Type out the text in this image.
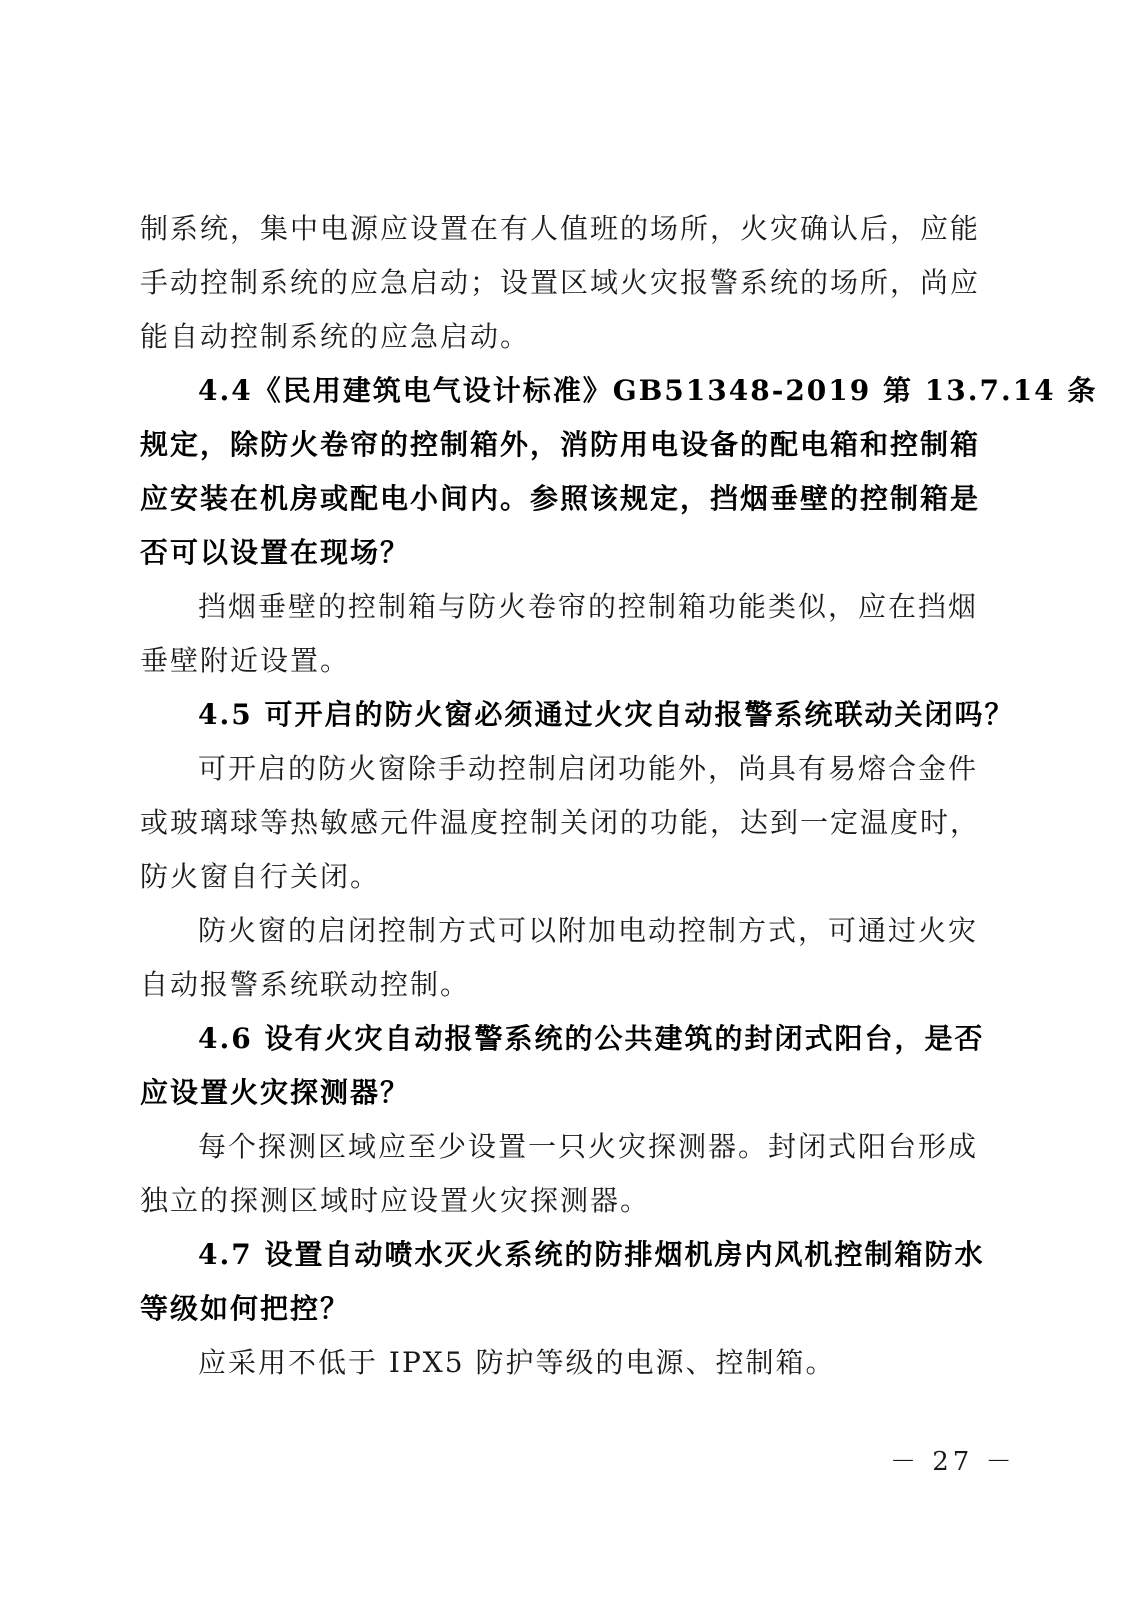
制系统，集中电源应设置在有人值班的场所，火灾确认后，应能
手动控制系统的应急启动；设置区域火灾报警系统的场所，尚应
能自动控制系统的应急启动。
4.4《民用建筑电气设计标准》GB51348-2019 第 13.7.14 条
规定，除防火卷帘的控制箱外，消防用电设备的配电箱和控制箱
应安装在机房或配电小间内。参照该规定，挡烟垂壁的控制箱是
否可以设置在现场？
挡烟垂壁的控制箱与防火卷帘的控制箱功能类似，应在挡烟
垂壁附近设置。
4.5 可开启的防火窗必须通过火灾自动报警系统联动关闭吗？
可开启的防火窗除手动控制启闭功能外，尚具有易熔合金件
或玻璃球等热敏感元件温度控制关闭的功能，达到一定温度时，
防火窗自行关闭。
防火窗的启闭控制方式可以附加电动控制方式，可通过火灾
自动报警系统联动控制。
4.6 设有火灾自动报警系统的公共建筑的封闭式阳台，是否
应设置火灾探测器？
每个探测区域应至少设置一只火灾探测器。封闭式阳台形成
独立的探测区域时应设置火灾探测器。
4.7 设置自动喷水灭火系统的防排烟机房内风机控制箱防水
等级如何把控？
应采用不低于 IPX5 防护等级的电源、控制箱。
－ 27 －
